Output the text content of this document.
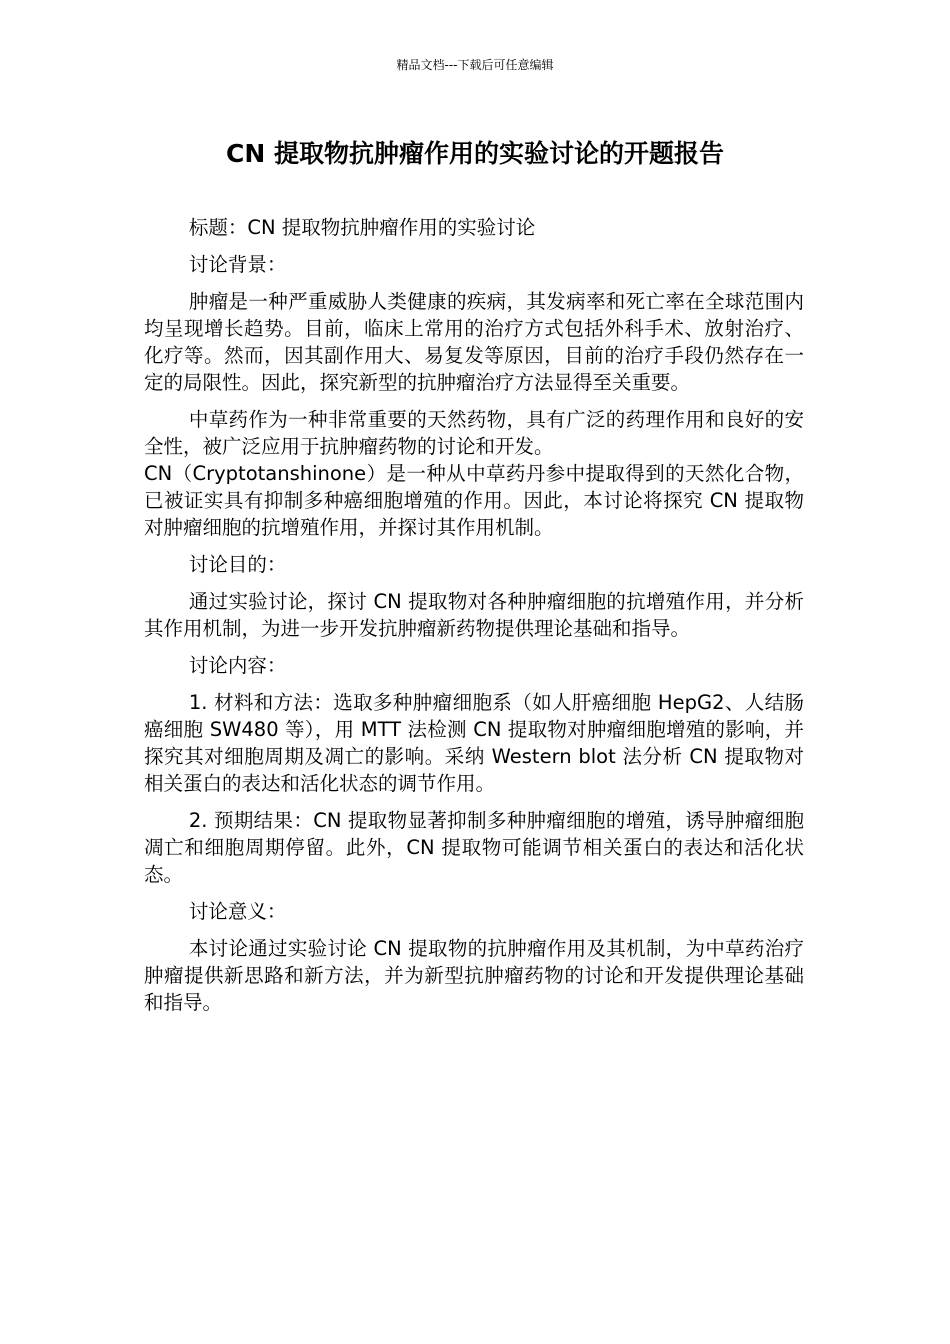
精品文档---下载后可任意编辑
CN 提取物抗肿瘤作用的实验讨论的开题报告

标题：CN 提取物抗肿瘤作用的实验讨论

讨论背景：

肿瘤是一种严重威胁人类健康的疾病，其发病率和死亡率在全球范围内均呈现增长趋势。目前，临床上常用的治疗方式包括外科手术、放射治疗、化疗等。然而，因其副作用大、易复发等原因，目前的治疗手段仍然存在一定的局限性。因此，探究新型的抗肿瘤治疗方法显得至关重要。

中草药作为一种非常重要的天然药物，具有广泛的药理作用和良好的安全性，被广泛应用于抗肿瘤药物的讨论和开发。

CN（Cryptotanshinone）是一种从中草药丹参中提取得到的天然化合物，已被证实具有抑制多种癌细胞增殖的作用。因此，本讨论将探究 CN 提取物对肿瘤细胞的抗增殖作用，并探讨其作用机制。

讨论目的：

通过实验讨论，探讨 CN 提取物对各种肿瘤细胞的抗增殖作用，并分析其作用机制，为进一步开发抗肿瘤新药物提供理论基础和指导。

讨论内容：

1. 材料和方法：选取多种肿瘤细胞系（如人肝癌细胞 HepG2、人结肠癌细胞 SW480 等），用 MTT 法检测 CN 提取物对肿瘤细胞增殖的影响，并探究其对细胞周期及凋亡的影响。采纳 Western blot 法分析 CN 提取物对相关蛋白的表达和活化状态的调节作用。

2. 预期结果：CN 提取物显著抑制多种肿瘤细胞的增殖，诱导肿瘤细胞凋亡和细胞周期停留。此外，CN 提取物可能调节相关蛋白的表达和活化状态。

讨论意义：

本讨论通过实验讨论 CN 提取物的抗肿瘤作用及其机制，为中草药治疗肿瘤提供新思路和新方法，并为新型抗肿瘤药物的讨论和开发提供理论基础和指导。
